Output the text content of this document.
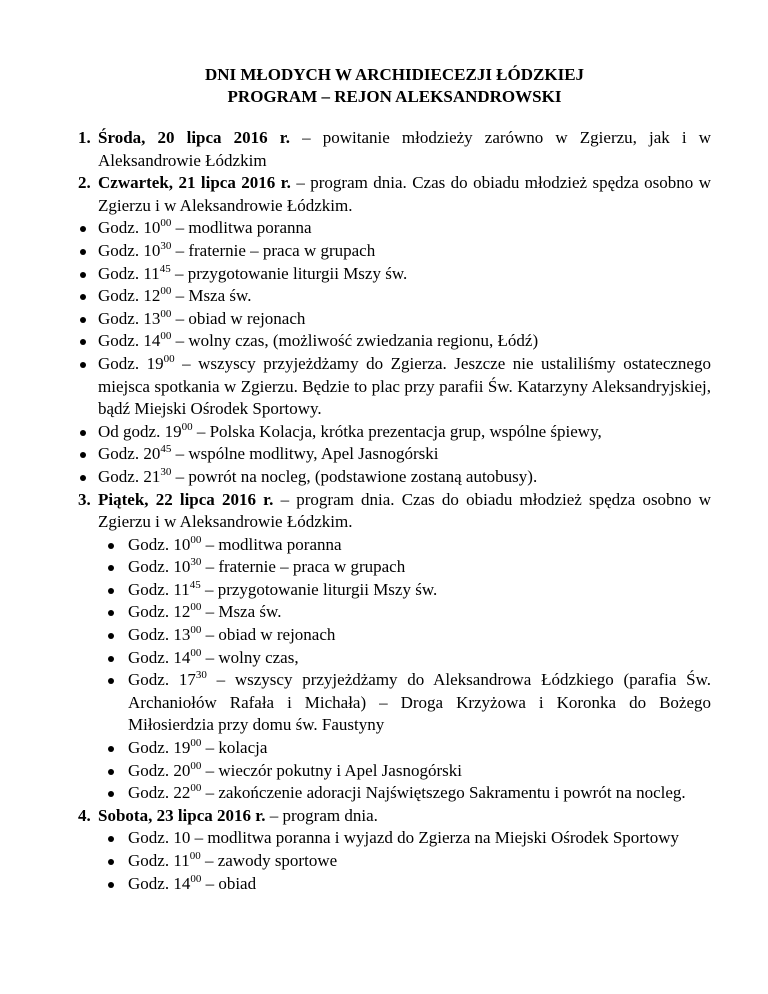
DNI MŁODYCH W ARCHIDIECEZJI ŁÓDZKIEJ
PROGRAM – REJON ALEKSANDROWSKI
1. Środa, 20 lipca 2016 r. – powitanie młodzieży zarówno w Zgierzu, jak i w Aleksandrowie Łódzkim
2. Czwartek, 21 lipca 2016 r. – program dnia. Czas do obiadu młodzież spędza osobno w Zgierzu i w Aleksandrowie Łódzkim.
Godz. $10^{00}$ – modlitwa poranna
Godz. $10^{30}$ – fraternie – praca w grupach
Godz. $11^{45}$ – przygotowanie liturgii Mszy św.
Godz. $12^{00}$ – Msza św.
Godz. $13^{00}$ – obiad w rejonach
Godz. $14^{00}$ – wolny czas, (możliwość zwiedzania regionu, Łódź)
Godz. $19^{00}$ – wszyscy przyjeżdżamy do Zgierza. Jeszcze nie ustaliliśmy ostatecznego miejsca spotkania w Zgierzu. Będzie to plac przy parafii Św. Katarzyny Aleksandryjskiej, bądź Miejski Ośrodek Sportowy.
Od godz. $19^{00}$ – Polska Kolacja, krótka prezentacja grup, wspólne śpiewy,
Godz. $20^{45}$ – wspólne modlitwy, Apel Jasnogórski
Godz. $21^{30}$ – powrót na nocleg, (podstawione zostaną autobusy).
3. Piątek, 22 lipca 2016 r. – program dnia. Czas do obiadu młodzież spędza osobno w Zgierzu i w Aleksandrowie Łódzkim.
Godz. $10^{00}$ – modlitwa poranna
Godz. $10^{30}$ – fraternie – praca w grupach
Godz. $11^{45}$ – przygotowanie liturgii Mszy św.
Godz. $12^{00}$ – Msza św.
Godz. $13^{00}$ – obiad w rejonach
Godz. $14^{00}$ – wolny czas,
Godz. $17^{30}$ – wszyscy przyjeżdżamy do Aleksandrowa Łódzkiego (parafia Św. Archaniołów Rafała i Michała) – Droga Krzyżowa i Koronka do Bożego Miłosierdzia przy domu św. Faustyny
Godz. $19^{00}$ – kolacja
Godz. $20^{00}$ – wieczór pokutny i Apel Jasnogórski
Godz. $22^{00}$ – zakończenie adoracji Najświętszego Sakramentu i powrót na nocleg.
4. Sobota, 23 lipca 2016 r. – program dnia.
Godz. 10 – modlitwa poranna i wyjazd do Zgierza na Miejski Ośrodek Sportowy
Godz. $11^{00}$ – zawody sportowe
Godz. $14^{00}$ – obiad
